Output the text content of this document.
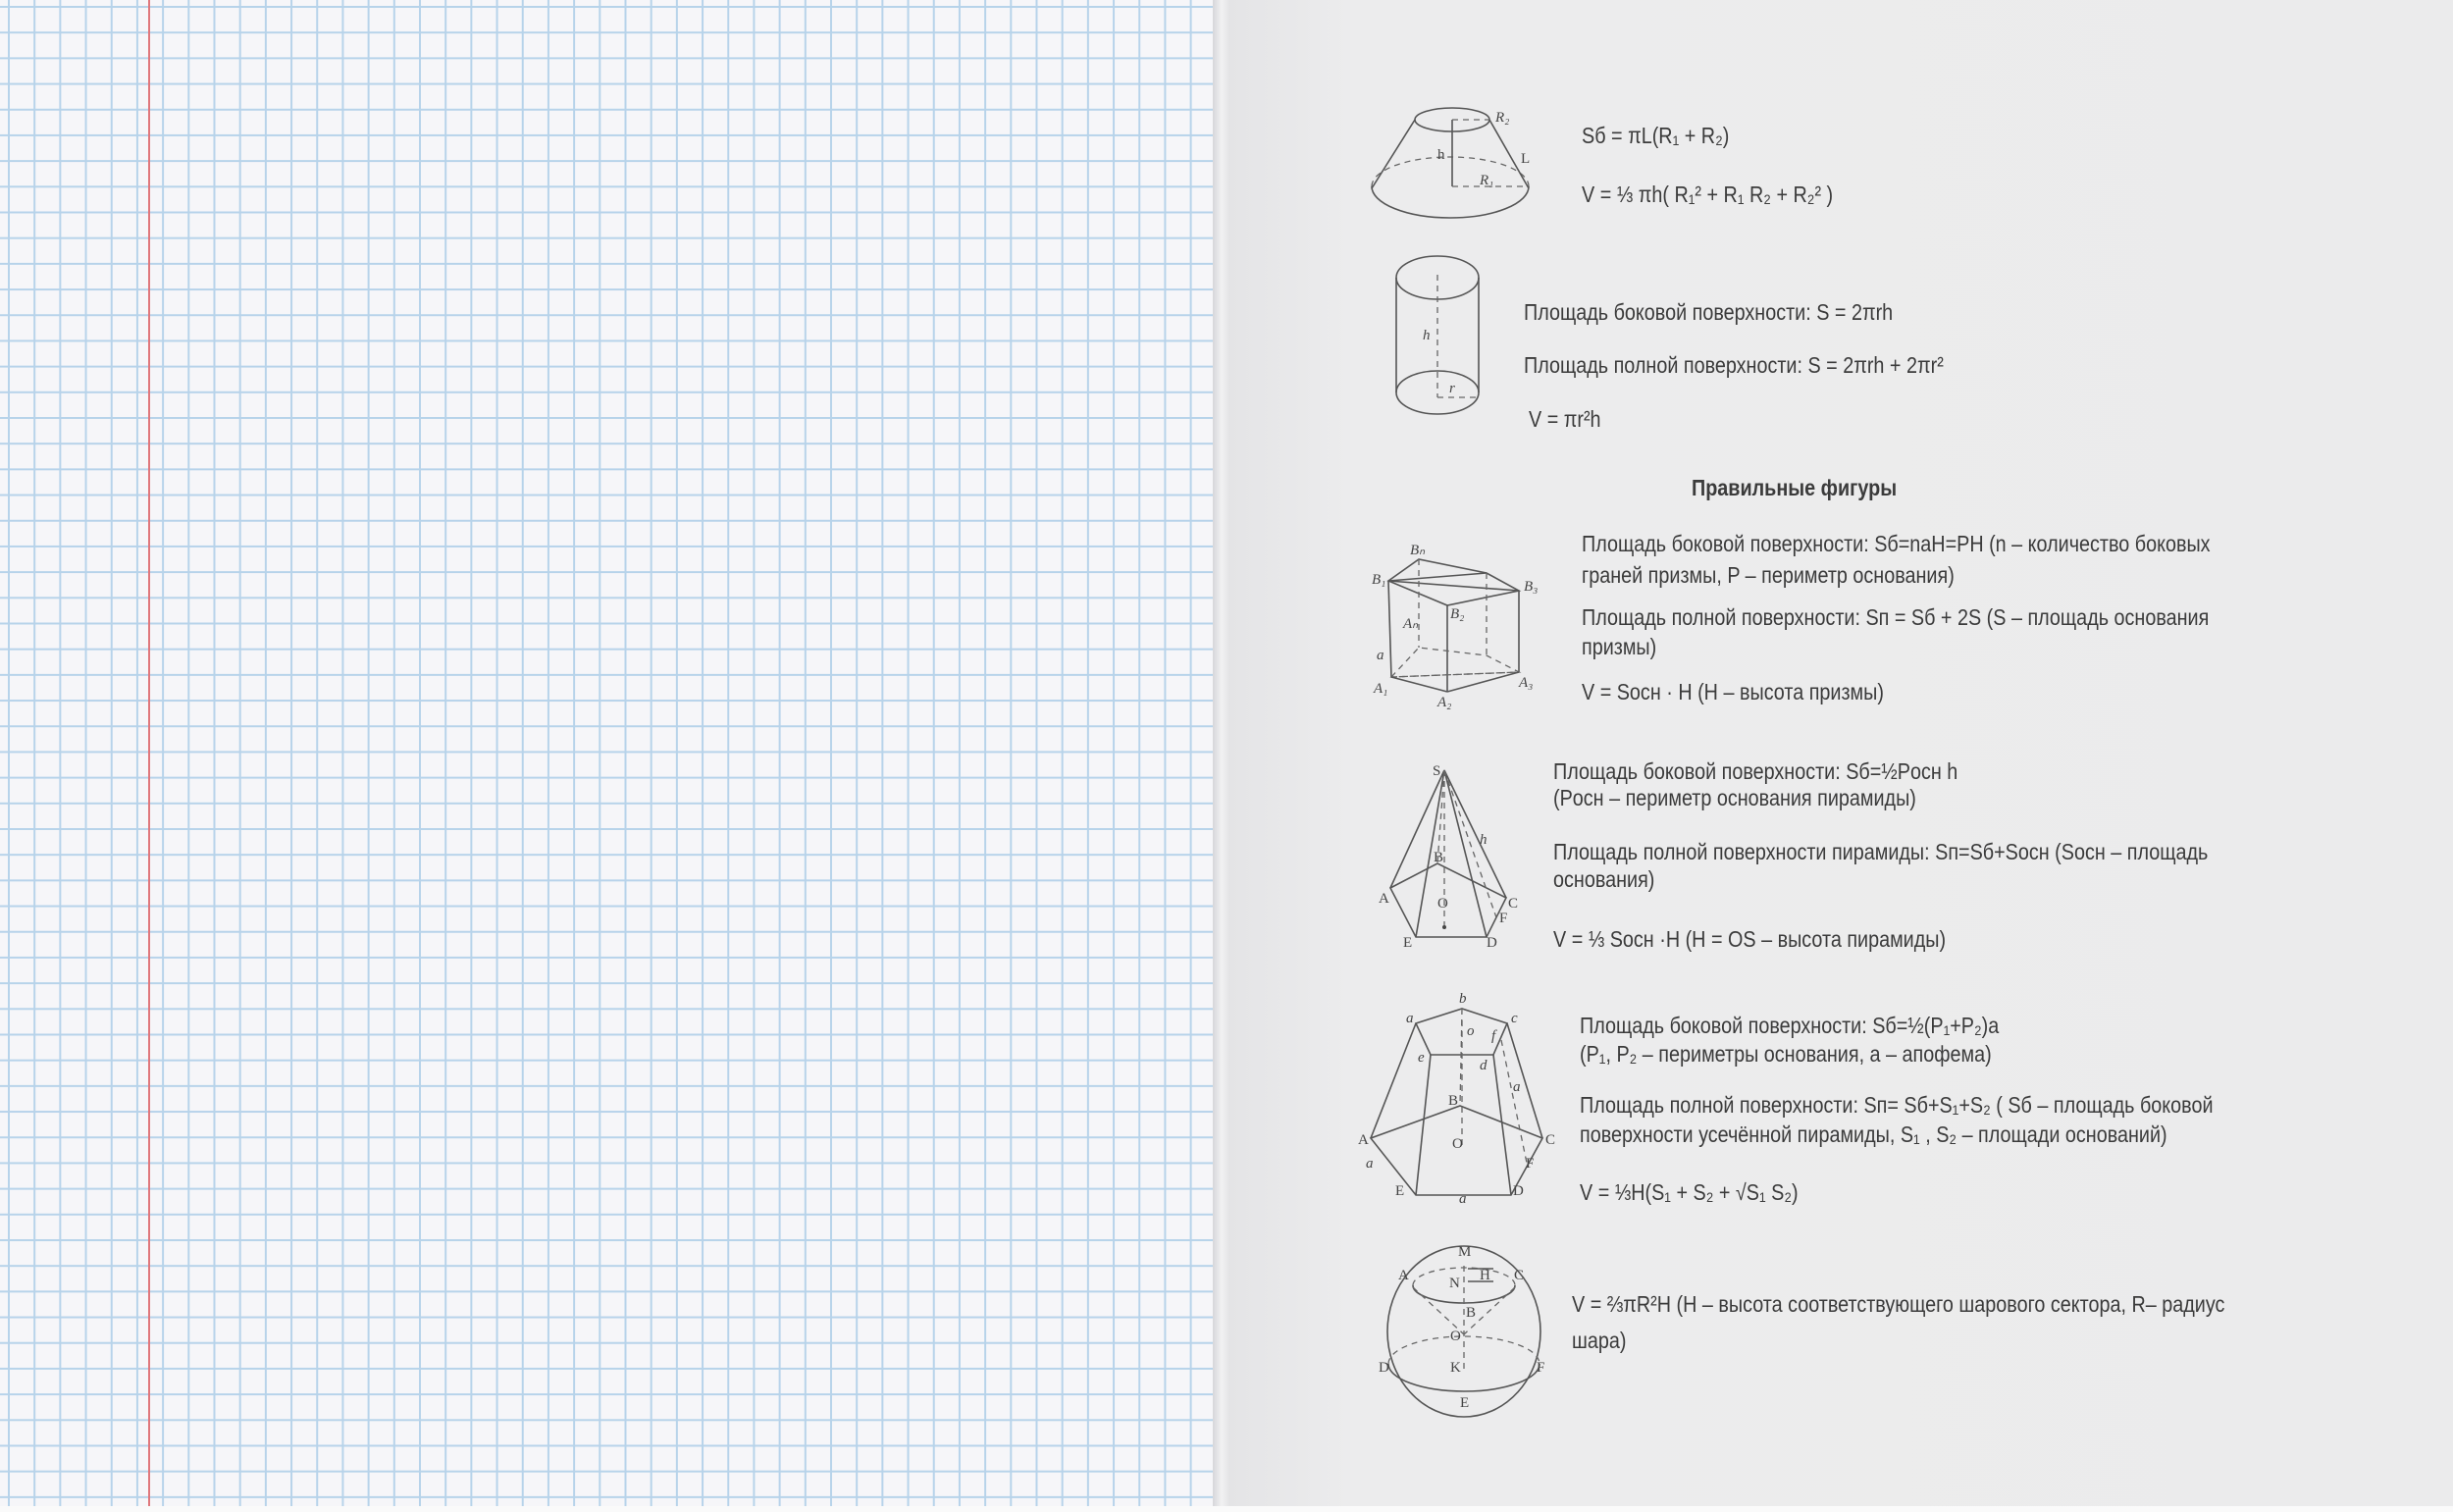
R₂
h	L
R₁
h
r
Bₙ
B₁	B₃
B₂
Aₙ
a
A₁	A₃
A₂
S
h
B
A	O	C
F
E	D
b
a	c
o f
e	d
a
B
A	C
O
a	F
E	D
a
M
A	C
N H
B
O
D	K	F
E
Sб = πL(R₁ + R₂)
V = ⅓ πh( R₁² + R₁ R₂ + R₂² )
Площадь боковой поверхности: S = 2πrh
Площадь полной поверхности: S = 2πrh + 2πr²
V = πr²h
Правильные фигуры
Площадь боковой поверхности: Sб=naH=PH (n – количество боковых
граней призмы, P – периметр основания)
Площадь полной поверхности: Sп = Sб + 2S (S – площадь основания
призмы)
V = Sосн · H (H – высота призмы)
Площадь боковой поверхности: Sб=½Pосн h
(Pосн – периметр основания пирамиды)
Площадь полной поверхности пирамиды: Sп=Sб+Sосн (Sосн – площадь
основания)
V = ⅓ Sосн ·H (H = OS – высота пирамиды)
Площадь боковой поверхности: Sб=½(P₁+P₂)a
(P₁, P₂ – периметры основания, a – апофема)
Площадь полной поверхности: Sп= Sб+S₁+S₂ ( Sб – площадь боковой
поверхности усечённой пирамиды, S₁ , S₂ – площади оснований)
V = ⅓H(S₁ + S₂ + √S₁ S₂)
V = ⅔πR²H (H – высота соответствующего шарового сектора, R– радиус
шара)
